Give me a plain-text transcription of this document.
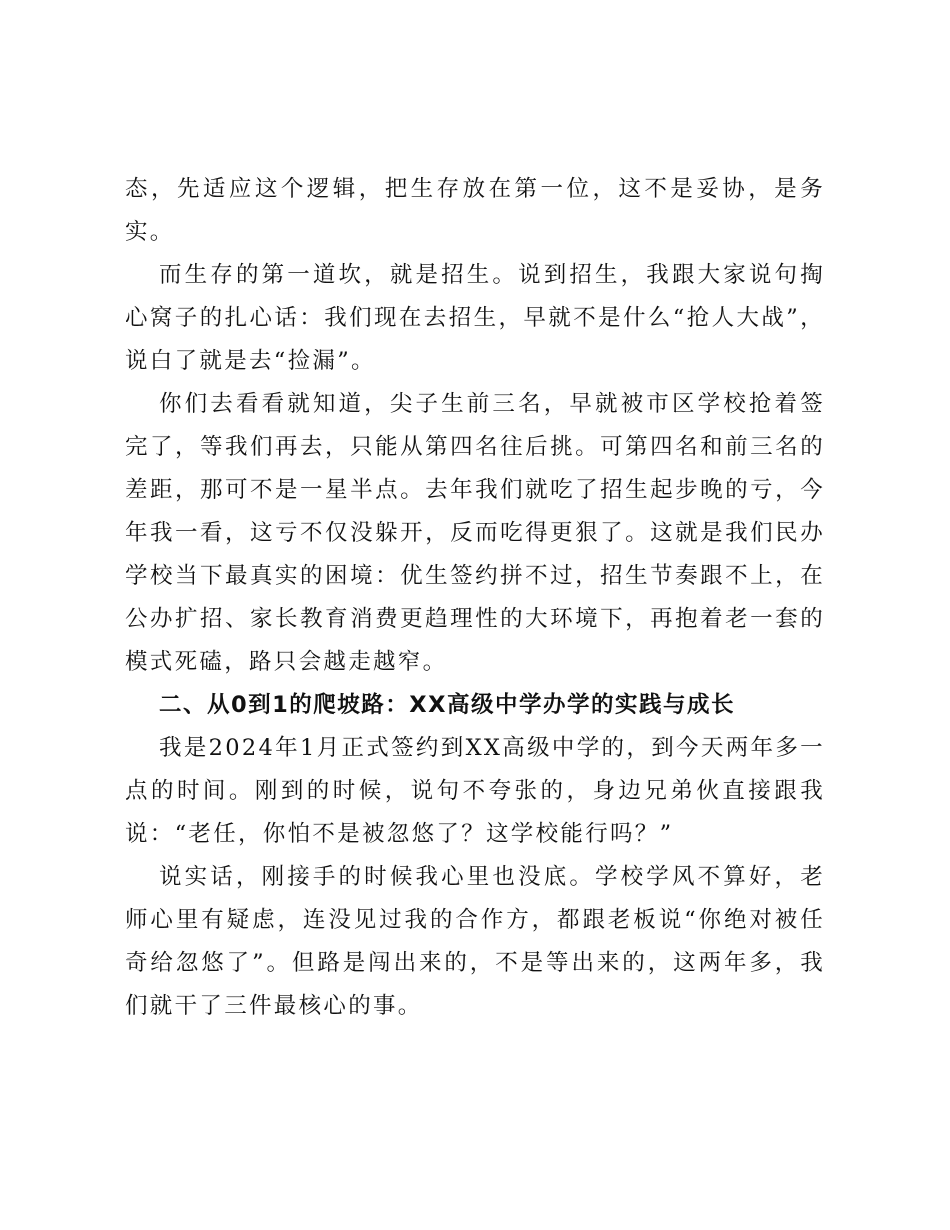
态，先适应这个逻辑，把生存放在第一位，这不是妥协，是务实。

而生存的第一道坎，就是招生。说到招生，我跟大家说句掏心窝子的扎心话：我们现在去招生，早就不是什么“抢人大战”，说白了就是去“捡漏”。

你们去看看就知道，尖子生前三名，早就被市区学校抢着签完了，等我们再去，只能从第四名往后挑。可第四名和前三名的差距，那可不是一星半点。去年我们就吃了招生起步晚的亏，今年我一看，这亏不仅没躲开，反而吃得更狠了。这就是我们民办学校当下最真实的困境：优生签约拼不过，招生节奏跟不上，在公办扩招、家长教育消费更趋理性的大环境下，再抱着老一套的模式死磕，路只会越走越窄。

二、从0到1的爬坡路：XX高级中学办学的实践与成长

我是2024年1月正式签约到XX高级中学的，到今天两年多一点的时间。刚到的时候，说句不夸张的，身边兄弟伙直接跟我说：“老任，你怕不是被忽悠了？这学校能行吗？”

说实话，刚接手的时候我心里也没底。学校学风不算好，老师心里有疑虑，连没见过我的合作方，都跟老板说“你绝对被任奇给忽悠了”。但路是闯出来的，不是等出来的，这两年多，我们就干了三件最核心的事。
